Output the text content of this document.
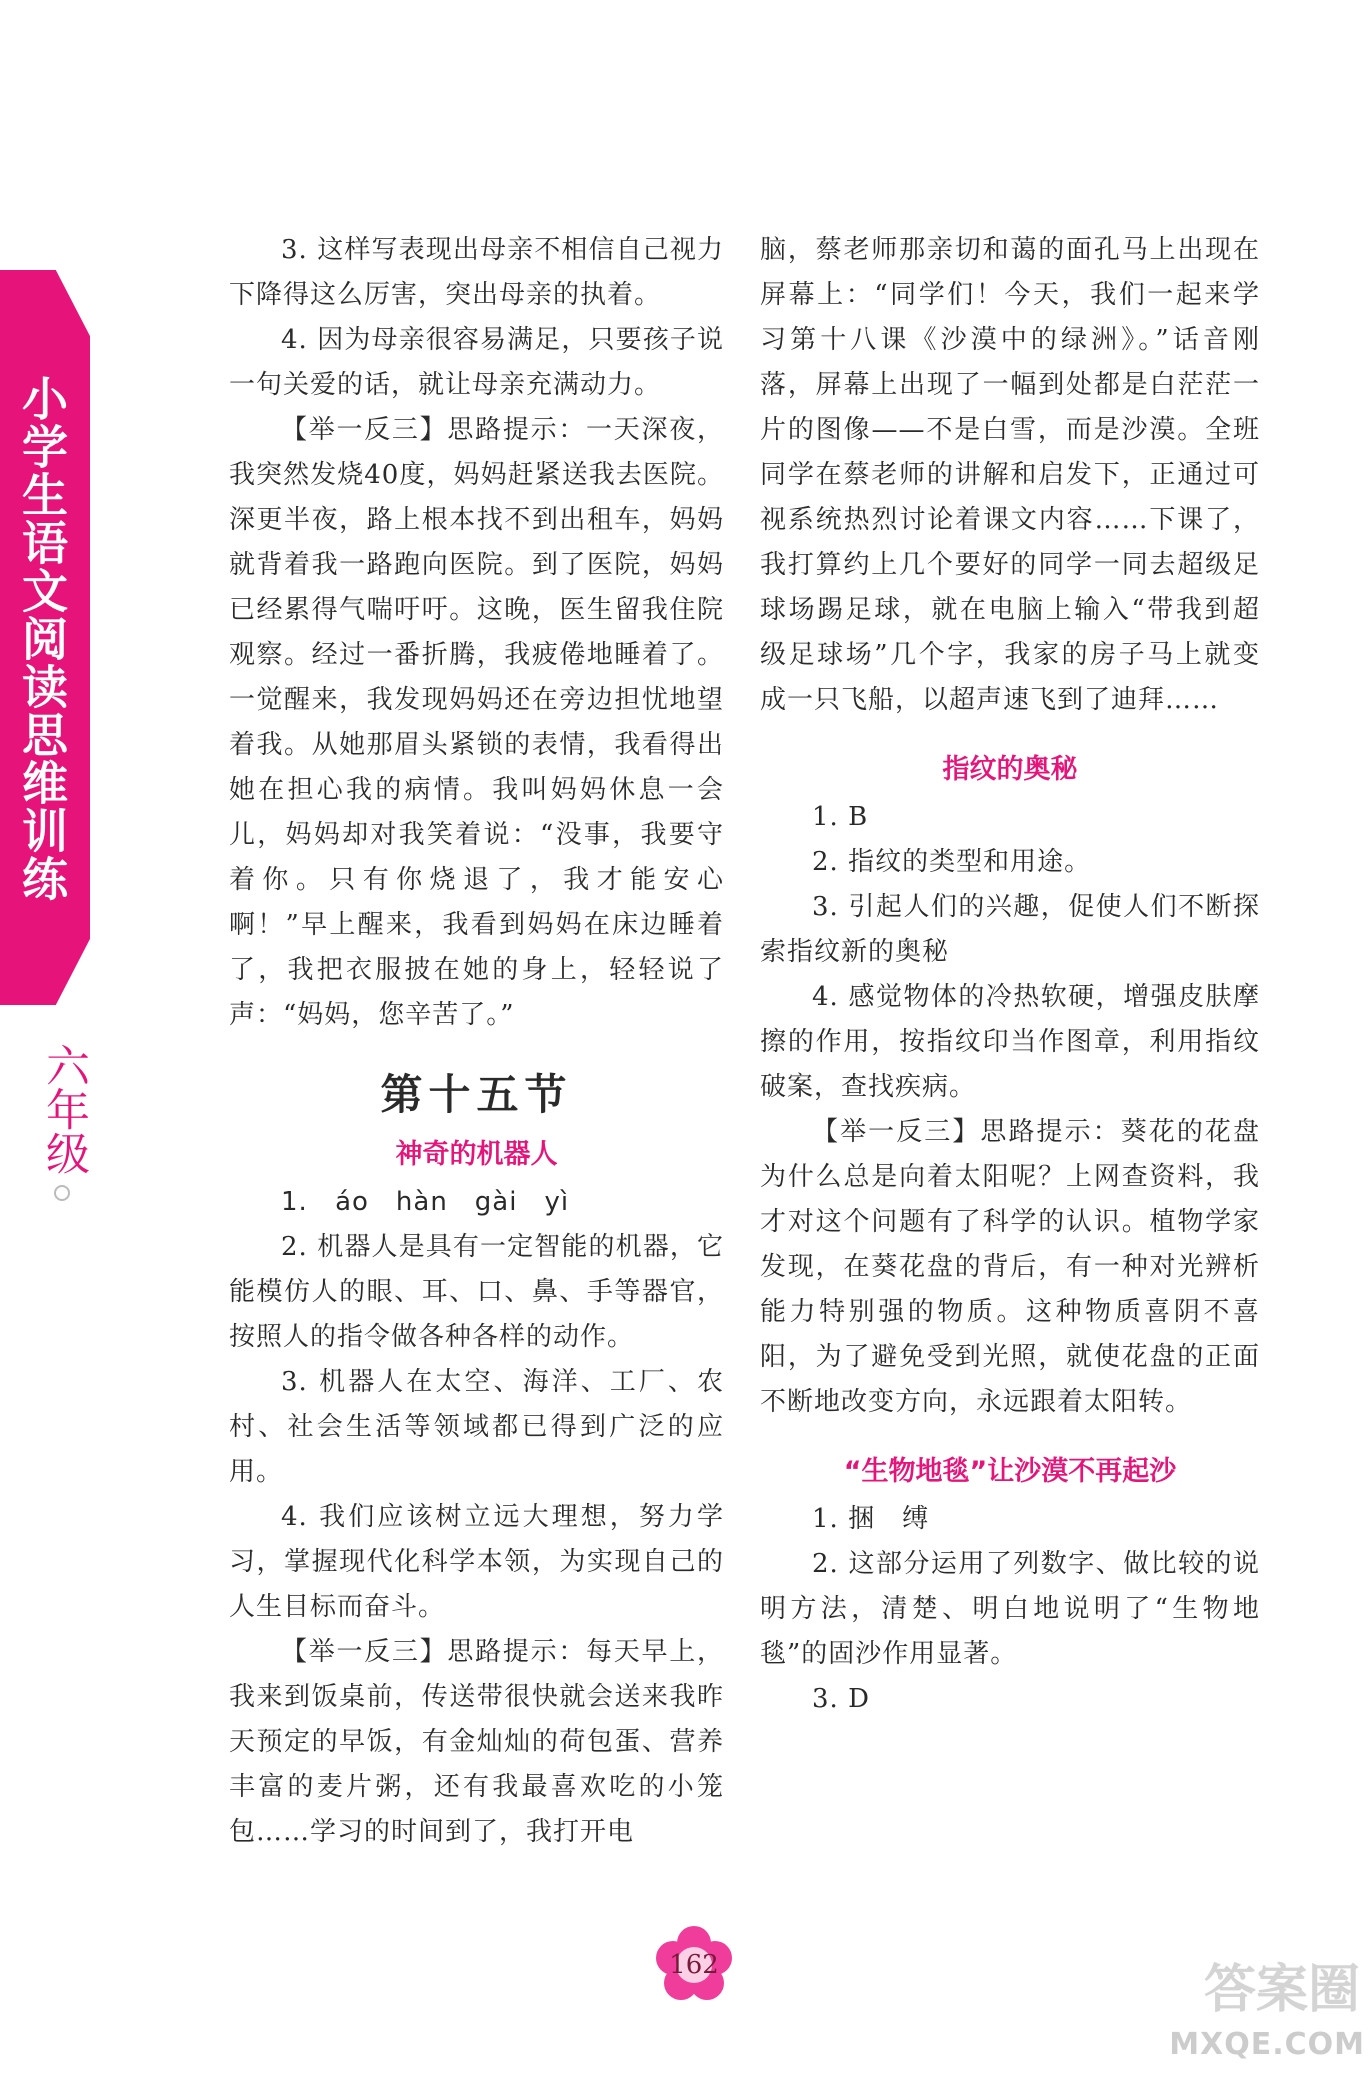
小学生语文阅读思维训练
六年级

3. 这样写表现出母亲不相信自己视力下降得这么厉害，突出母亲的执着。

4. 因为母亲很容易满足，只要孩子说一句关爱的话，就让母亲充满动力。

【举一反三】思路提示：一天深夜，我突然发烧40度，妈妈赶紧送我去医院。深更半夜，路上根本找不到出租车，妈妈就背着我一路跑向医院。到了医院，妈妈已经累得气喘吁吁。这晚，医生留我住院观察。经过一番折腾，我疲倦地睡着了。一觉醒来，我发现妈妈还在旁边担忧地望着我。从她那眉头紧锁的表情，我看得出她在担心我的病情。我叫妈妈休息一会儿，妈妈却对我笑着说：“没事，我要守着你。只有你烧退了，我才能安心啊！”早上醒来，我看到妈妈在床边睡着了，我把衣服披在她的身上，轻轻说了声：“妈妈，您辛苦了。”

第十五节

神奇的机器人

1. áo　hàn　gài　yì

2. 机器人是具有一定智能的机器，它能模仿人的眼、耳、口、鼻、手等器官，按照人的指令做各种各样的动作。

3. 机器人在太空、海洋、工厂、农村、社会生活等领域都已得到广泛的应用。

4. 我们应该树立远大理想，努力学习，掌握现代化科学本领，为实现自己的人生目标而奋斗。

【举一反三】思路提示：每天早上，我来到饭桌前，传送带很快就会送来我昨天预定的早饭，有金灿灿的荷包蛋、营养丰富的麦片粥，还有我最喜欢吃的小笼包……学习的时间到了，我打开电

脑，蔡老师那亲切和蔼的面孔马上出现在屏幕上：“同学们！今天，我们一起来学习第十八课《沙漠中的绿洲》。”话音刚落，屏幕上出现了一幅到处都是白茫茫一片的图像——不是白雪，而是沙漠。全班同学在蔡老师的讲解和启发下，正通过可视系统热烈讨论着课文内容……下课了，我打算约上几个要好的同学一同去超级足球场踢足球，就在电脑上输入“带我到超级足球场”几个字，我家的房子马上就变成一只飞船，以超声速飞到了迪拜……

指纹的奥秘

1. B

2. 指纹的类型和用途。

3. 引起人们的兴趣，促使人们不断探索指纹新的奥秘

4. 感觉物体的冷热软硬，增强皮肤摩擦的作用，按指纹印当作图章，利用指纹破案，查找疾病。

【举一反三】思路提示：葵花的花盘为什么总是向着太阳呢？上网查资料，我才对这个问题有了科学的认识。植物学家发现，在葵花盘的背后，有一种对光辨析能力特别强的物质。这种物质喜阴不喜阳，为了避免受到光照，就使花盘的正面不断地改变方向，永远跟着太阳转。

“生物地毯”让沙漠不再起沙

1. 捆　缚

2. 这部分运用了列数字、做比较的说明方法，清楚、明白地说明了“生物地毯”的固沙作用显著。

3. D

162	答案圈
MXQE.COM
